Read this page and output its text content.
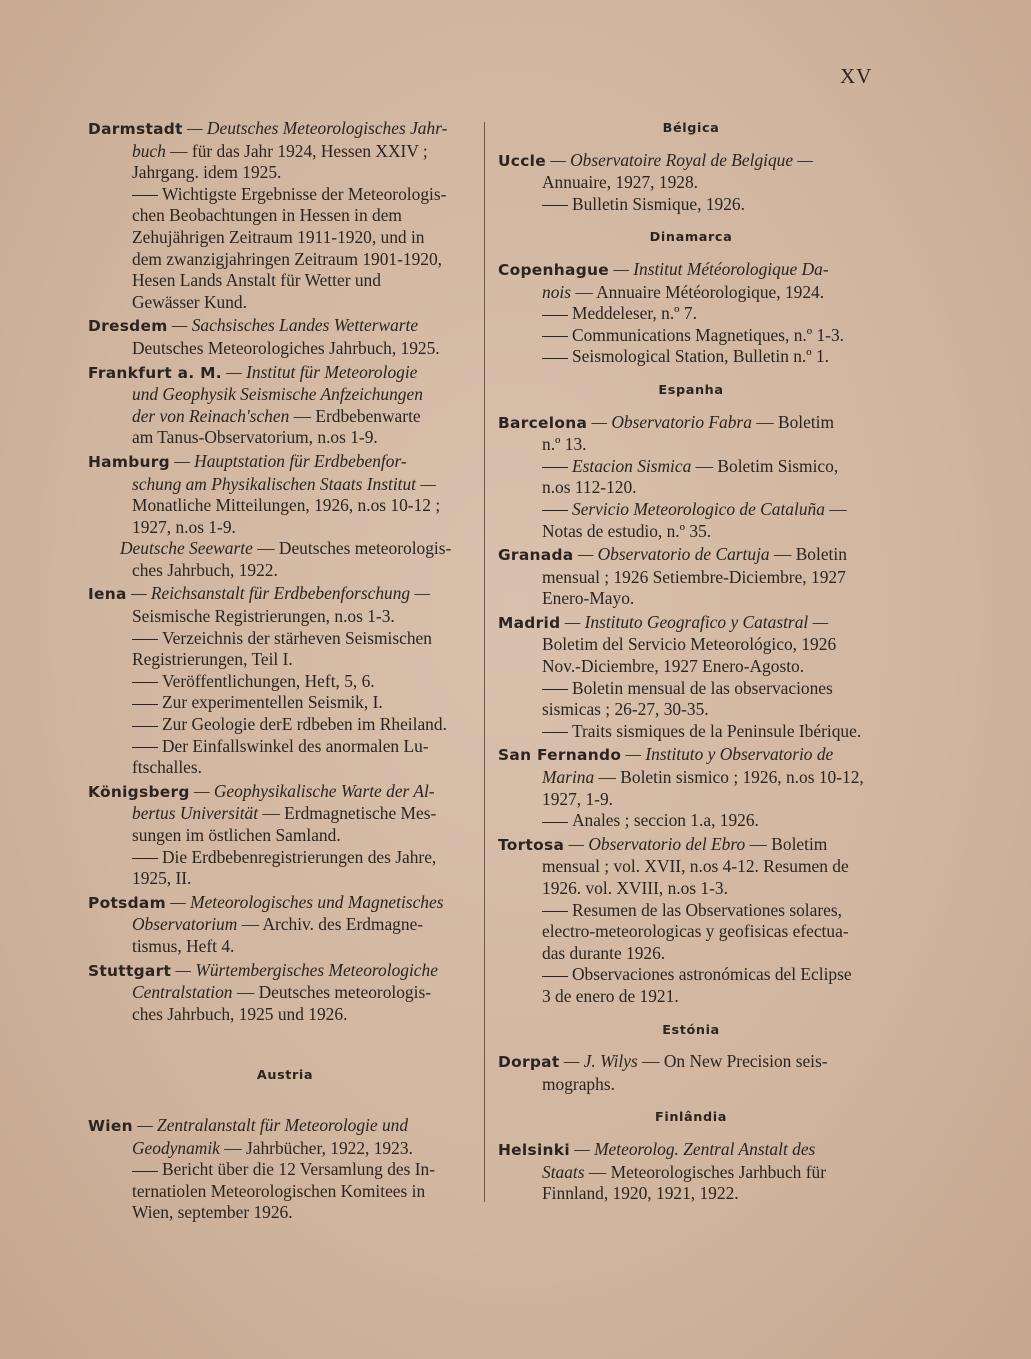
XV
Darmstadt — Deutsches Meteorologisches Jahr-
buch — für das Jahr 1924, Hessen XXIV ;
Jahrgang. idem 1925.
Wichtigste Ergebnisse der Meteorologis-
chen Beobachtungen in Hessen in dem
Zehujährigen Zeitraum 1911-1920, und in
dem zwanzigjahringen Zeitraum 1901-1920,
Hesen Lands Anstalt für Wetter und
Gewässer Kund.
Dresdem — Sachsisches Landes Wetterwarte
Deutsches Meteorologiches Jahrbuch, 1925.
Frankfurt a. M. — Institut für Meteorologie
und Geophysik Seismische Anfzeichungen
der von Reinach'schen — Erdbebenwarte
am Tanus-Observatorium, n.os 1-9.
Hamburg — Hauptstation für Erdbebenfor-
schung am Physikalischen Staats Institut —
Monatliche Mitteilungen, 1926, n.os 10-12 ;
1927, n.os 1-9.
Deutsche Seewarte — Deutsches meteorologis-
ches Jahrbuch, 1922.
Iena — Reichsanstalt für Erdbebenforschung —
Seismische Registrierungen, n.os 1-3.
Verzeichnis der stärheven Seismischen
Registrierungen, Teil I.
Veröffentlichungen, Heft, 5, 6.
Zur experimentellen Seismik, I.
Zur Geologie derE rdbeben im Rheiland.
Der Einfallswinkel des anormalen Lu-
ftschalles.
Königsberg — Geophysikalische Warte der Al-
bertus Universität — Erdmagnetische Mes-
sungen im östlichen Samland.
Die Erdbebenregistrierungen des Jahre,
1925, II.
Potsdam — Meteorologisches und Magnetisches
Observatorium — Archiv. des Erdmagne-
tismus, Heft 4.
Stuttgart — Würtembergisches Meteorologiche
Centralstation — Deutsches meteorologis-
ches Jahrbuch, 1925 und 1926.
Austria
Wien — Zentralanstalt für Meteorologie und
Geodynamik — Jahrbücher, 1922, 1923.
Bericht über die 12 Versamlung des In-
ternatiolen Meteorologischen Komitees in
Wien, september 1926.
Bélgica
Uccle — Observatoire Royal de Belgique —
Annuaire, 1927, 1928.
Bulletin Sismique, 1926.
Dinamarca
Copenhague — Institut Météorologique Da-
nois — Annuaire Météorologique, 1924.
Meddeleser, n.º 7.
Communications Magnetiques, n.º 1-3.
Seismological Station, Bulletin n.º 1.
Espanha
Barcelona — Observatorio Fabra — Boletim
n.º 13.
Estacion Sismica — Boletim Sismico,
n.os 112-120.
Servicio Meteorologico de Cataluña —
Notas de estudio, n.º 35.
Granada — Observatorio de Cartuja — Boletin
mensual ; 1926 Setiembre-Diciembre, 1927
Enero-Mayo.
Madrid — Instituto Geografico y Catastral —
Boletim del Servicio Meteorológico, 1926
Nov.-Diciembre, 1927 Enero-Agosto.
Boletin mensual de las observaciones
sismicas ; 26-27, 30-35.
Traits sismiques de la Peninsule Ibérique.
San Fernando — Instituto y Observatorio de
Marina — Boletin sismico ; 1926, n.os 10-12,
1927, 1-9.
Anales ; seccion 1.a, 1926.
Tortosa — Observatorio del Ebro — Boletim
mensual ; vol. XVII, n.os 4-12. Resumen de
1926. vol. XVIII, n.os 1-3.
Resumen de las Observationes solares,
electro-meteorologicas y geofisicas efectua-
das durante 1926.
Observaciones astronómicas del Eclipse
3 de enero de 1921.
Estónia
Dorpat — J. Wilys — On New Precision seis-
mographs.
Finlândia
Helsinki — Meteorolog. Zentral Anstalt des
Staats — Meteorologisches Jarhbuch für
Finnland, 1920, 1921, 1922.
